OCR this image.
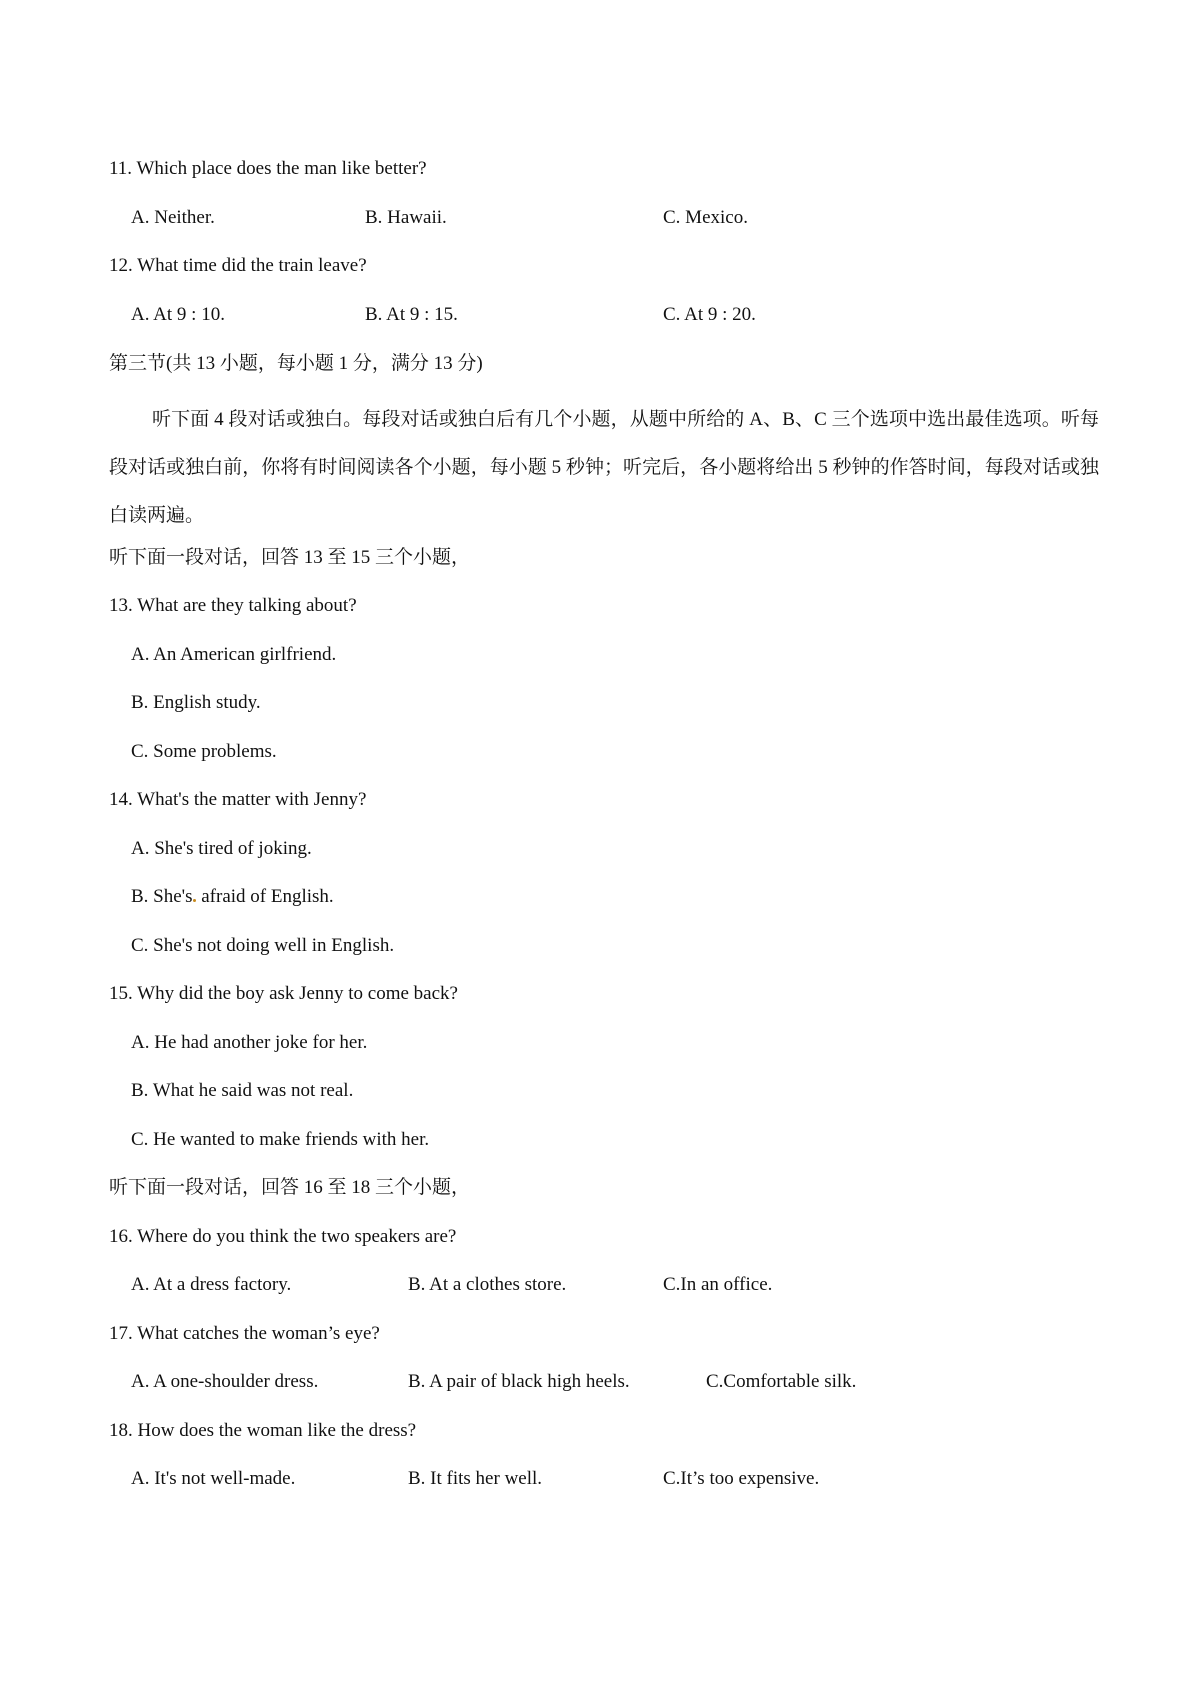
11. Which place does the man like better?
A. Neither.	B. Hawaii.	C. Mexico.
12. What time did the train leave?
A. At 9 : 10.	B. At 9 : 15.	C. At 9 : 20.
第三节(共 13 小题，每小题 1 分，满分 13 分)
听下面 4 段对话或独白。每段对话或独白后有几个小题，从题中所给的 A、B、C 三个选项中选出最佳选项。听每段对话或独白前，你将有时间阅读各个小题，每小题 5 秒钟；听完后，各小题将给出 5 秒钟的作答时间，每段对话或独白读两遍。
听下面一段对话，回答 13 至 15 三个小题，
13. What are they talking about?
A. An American girlfriend.
B. English study.
C. Some problems.
14. What's the matter with Jenny?
A. She's tired of joking.
B. She's afraid of English.
C. She's not doing well in English.
15. Why did the boy ask Jenny to come back?
A. He had another joke for her.
B. What he said was not real.
C. He wanted to make friends with her.
听下面一段对话，回答 16 至 18 三个小题，
16. Where do you think the two speakers are?
A. At a dress factory.	B. At a clothes store.	C.In an office.
17. What catches the woman’s eye?
A. A one-shoulder dress.	B. A pair of black high heels.	C.Comfortable silk.
18. How does the woman like the dress?
A. It's not well-made.	B. It fits her well.	C.It’s too expensive.
